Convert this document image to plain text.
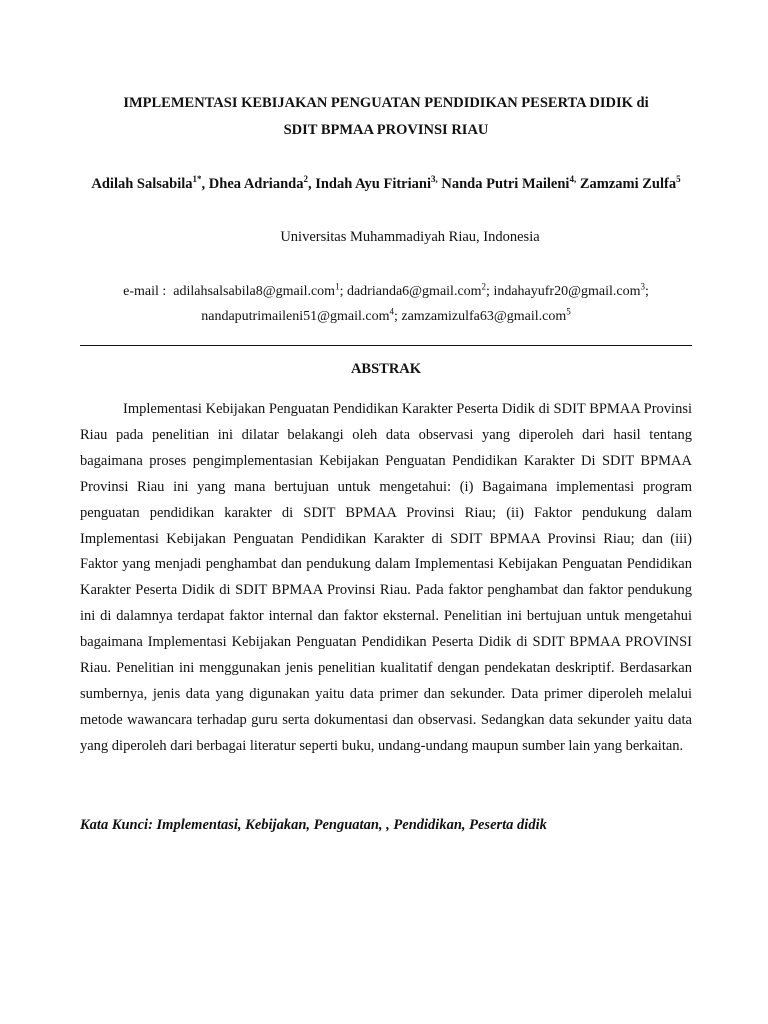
IMPLEMENTASI KEBIJAKAN PENGUATAN PENDIDIKAN PESERTA DIDIK di
SDIT BPMAA PROVINSI RIAU
Adilah Salsabila$^{1*}$, Dhea Adrianda$^2$, Indah Ayu Fitriani$^{3,}$ Nanda Putri Maileni$^{4,}$ Zamzami Zulfa$^5$
Universitas Muhammadiyah Riau, Indonesia
e-mail : adilahsalsabila8@gmail.com$^1$; dadrianda6@gmail.com$^2$; indahayufr20@gmail.com$^3$;
nandaputrimaileni51@gmail.com$^4$; zamzamizulfa63@gmail.com$^5$
ABSTRAK

Implementasi Kebijakan Penguatan Pendidikan Karakter Peserta Didik di SDIT BPMAA Provinsi Riau pada penelitian ini dilatar belakangi oleh data observasi yang diperoleh dari hasil tentang bagaimana proses pengimplementasian Kebijakan Penguatan Pendidikan Karakter Di SDIT BPMAA Provinsi Riau ini yang mana bertujuan untuk mengetahui: (i) Bagaimana implementasi program penguatan pendidikan karakter di SDIT BPMAA Provinsi Riau; (ii) Faktor pendukung dalam Implementasi Kebijakan Penguatan Pendidikan Karakter di SDIT BPMAA Provinsi Riau; dan (iii) Faktor yang menjadi penghambat dan pendukung dalam Implementasi Kebijakan Penguatan Pendidikan Karakter Peserta Didik di SDIT BPMAA Provinsi Riau. Pada faktor penghambat dan faktor pendukung ini di dalamnya terdapat faktor internal dan faktor eksternal. Penelitian ini bertujuan untuk mengetahui bagaimana Implementasi Kebijakan Penguatan Pendidikan Peserta Didik di SDIT BPMAA PROVINSI Riau. Penelitian ini menggunakan jenis penelitian kualitatif dengan pendekatan deskriptif. Berdasarkan sumbernya, jenis data yang digunakan yaitu data primer dan sekunder. Data primer diperoleh melalui metode wawancara terhadap guru serta dokumentasi dan observasi. Sedangkan data sekunder yaitu data yang diperoleh dari berbagai literatur seperti buku, undang-undang maupun sumber lain yang berkaitan.

Kata Kunci: Implementasi, Kebijakan, Penguatan, , Pendidikan, Peserta didik
